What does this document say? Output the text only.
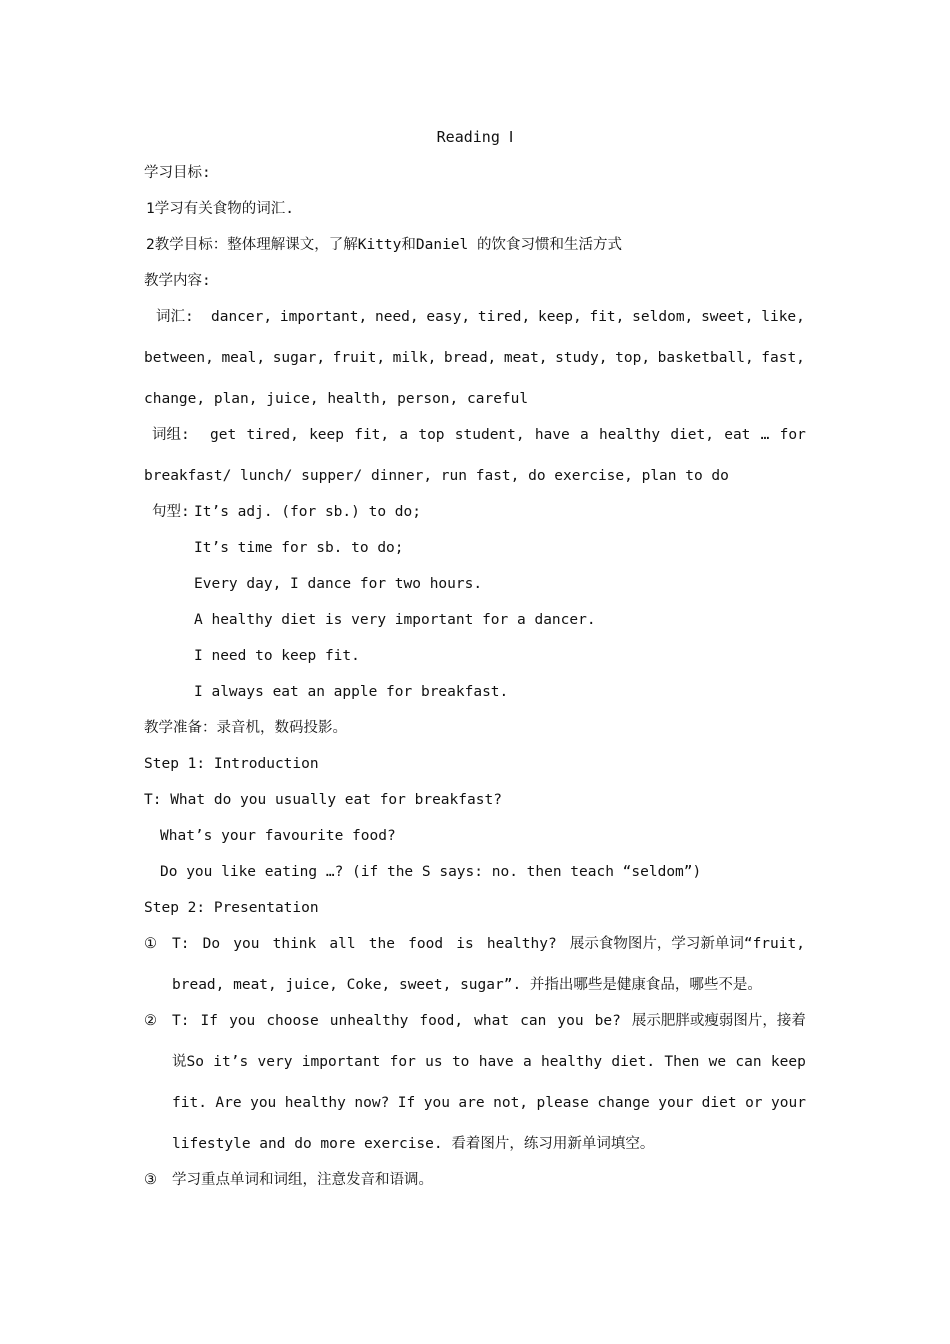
Reading Ⅰ
学习目标:
1学习有关食物的词汇.
2教学目标：整体理解课文，了解Kitty和Daniel 的饮食习惯和生活方式
教学内容:
词汇: dancer, important, need, easy, tired, keep, fit, seldom, sweet, like,
between, meal, sugar, fruit, milk, bread, meat, study, top, basketball, fast,
change, plan, juice, health, person, careful
词组: get tired, keep fit, a top student, have a healthy diet, eat … for
breakfast/ lunch/ supper/ dinner, run fast, do exercise, plan to do
句型: It’s adj. (for sb.) to do;
It’s time for sb. to do;
Every day, I dance for two hours.
A healthy diet is very important for a dancer.
I need to keep fit.
I always eat an apple for breakfast.
教学准备：录音机，数码投影。
Step 1: Introduction
T: What do you usually eat for breakfast?
What’s your favourite food?
Do you like eating …? (if the S says: no. then teach “seldom”)
Step 2: Presentation
① T: Do you think all the food is healthy? 展示食物图片，学习新单词“fruit,
bread, meat, juice, Coke, sweet, sugar”. 并指出哪些是健康食品，哪些不是。
② T: If you choose unhealthy food, what can you be? 展示肥胖或瘦弱图片，接着
说So it’s very important for us to have a healthy diet. Then we can keep
fit. Are you healthy now? If you are not, please change your diet or your
lifestyle and do more exercise. 看着图片，练习用新单词填空。
③ 学习重点单词和词组，注意发音和语调。
